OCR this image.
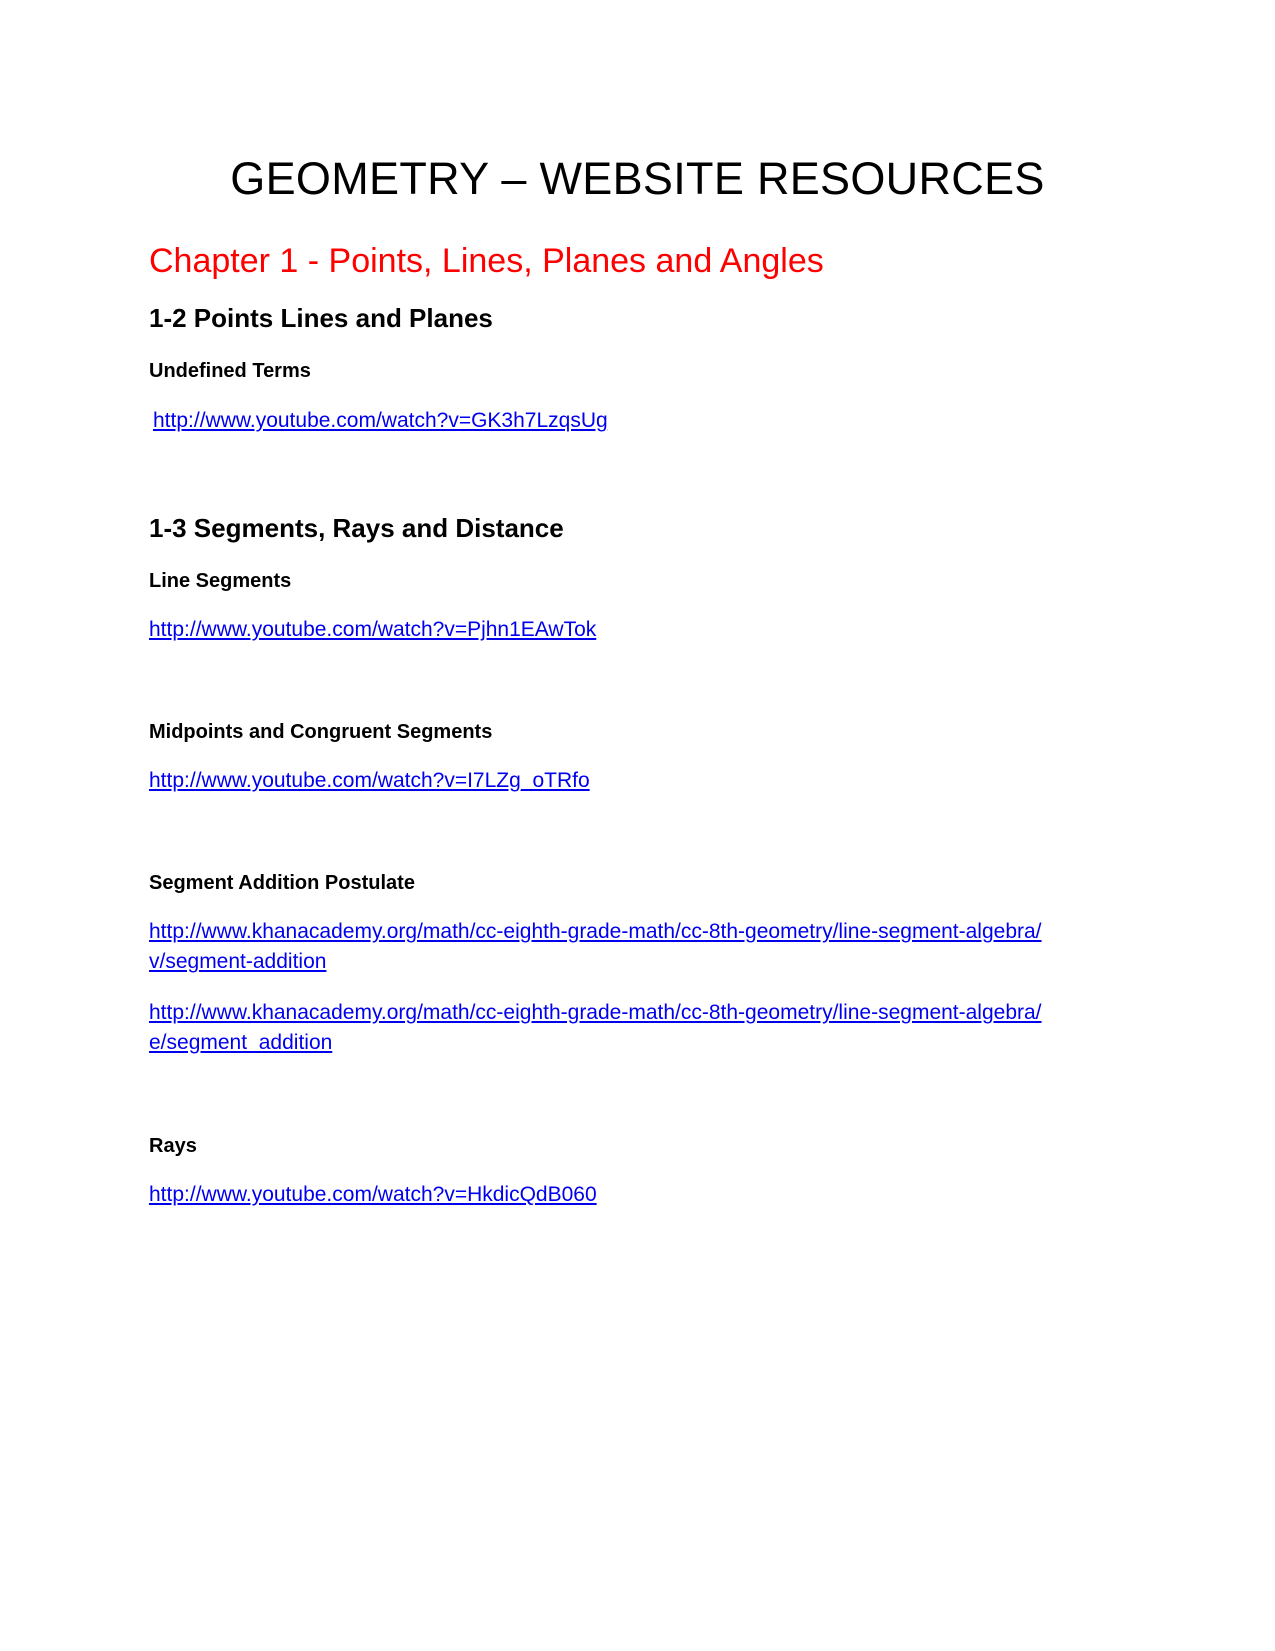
GEOMETRY – WEBSITE RESOURCES
Chapter 1 - Points, Lines, Planes and Angles
1-2 Points Lines and Planes
Undefined Terms
http://www.youtube.com/watch?v=GK3h7LzqsUg
1-3 Segments, Rays and Distance
Line Segments
http://www.youtube.com/watch?v=Pjhn1EAwTok
Midpoints and Congruent Segments
http://www.youtube.com/watch?v=I7LZg_oTRfo
Segment Addition Postulate
http://www.khanacademy.org/math/cc-eighth-grade-math/cc-8th-geometry/line-segment-algebra/v/segment-addition
http://www.khanacademy.org/math/cc-eighth-grade-math/cc-8th-geometry/line-segment-algebra/e/segment_addition
Rays
http://www.youtube.com/watch?v=HkdicQdB060
